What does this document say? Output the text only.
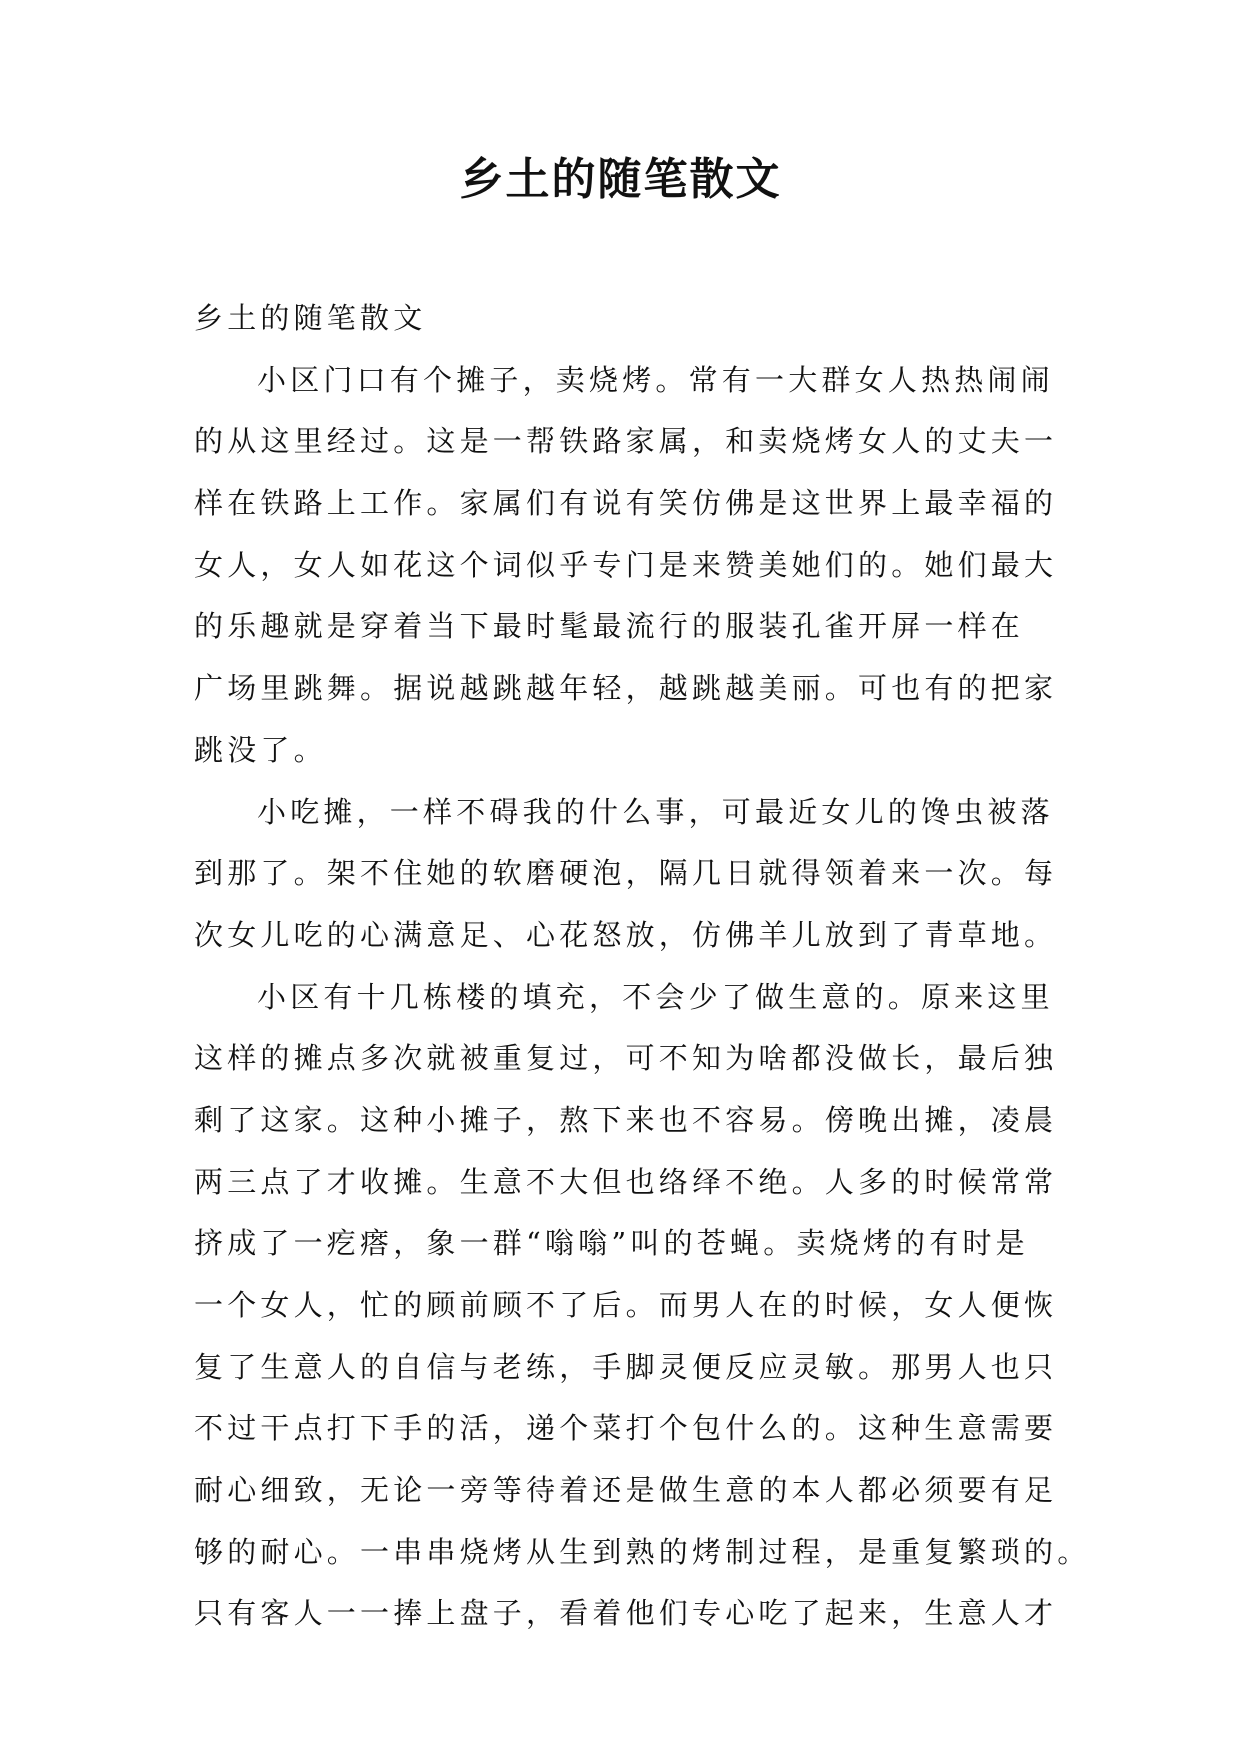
乡土的随笔散文
乡土的随笔散文
小区门口有个摊子，卖烧烤。常有一大群女人热热闹闹
的从这里经过。这是一帮铁路家属，和卖烧烤女人的丈夫一
样在铁路上工作。家属们有说有笑仿佛是这世界上最幸福的
女人，女人如花这个词似乎专门是来赞美她们的。她们最大
的乐趣就是穿着当下最时髦最流行的服装孔雀开屏一样在
广场里跳舞。据说越跳越年轻，越跳越美丽。可也有的把家
跳没了。
小吃摊，一样不碍我的什么事，可最近女儿的馋虫被落
到那了。架不住她的软磨硬泡，隔几日就得领着来一次。每
次女儿吃的心满意足、心花怒放，仿佛羊儿放到了青草地。
小区有十几栋楼的填充，不会少了做生意的。原来这里
这样的摊点多次就被重复过，可不知为啥都没做长，最后独
剩了这家。这种小摊子，熬下来也不容易。傍晚出摊，凌晨
两三点了才收摊。生意不大但也络绎不绝。人多的时候常常
挤成了一疙瘩，象一群“嗡嗡”叫的苍蝇。卖烧烤的有时是
一个女人，忙的顾前顾不了后。而男人在的时候，女人便恢
复了生意人的自信与老练，手脚灵便反应灵敏。那男人也只
不过干点打下手的活，递个菜打个包什么的。这种生意需要
耐心细致，无论一旁等待着还是做生意的本人都必须要有足
够的耐心。一串串烧烤从生到熟的烤制过程，是重复繁琐的。
只有客人一一捧上盘子，看着他们专心吃了起来，生意人才
